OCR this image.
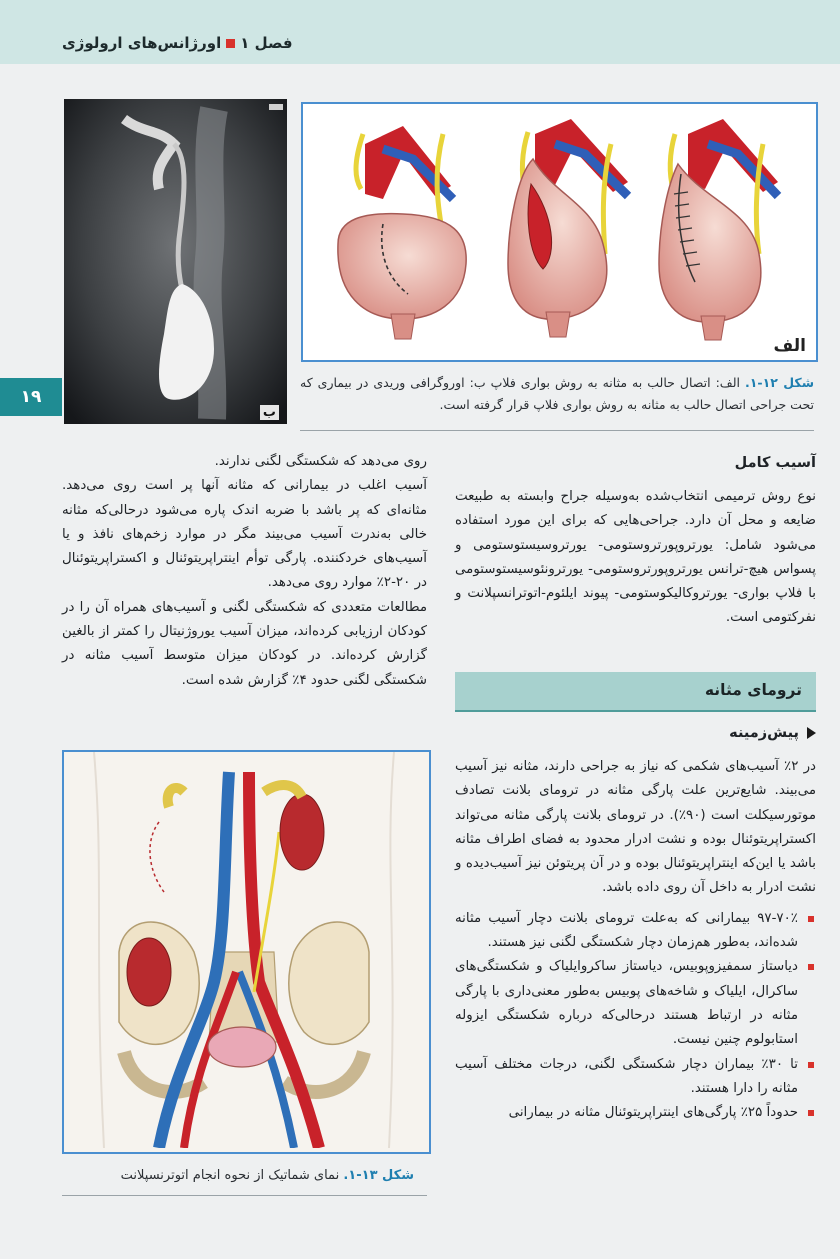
فصل ۱اورژانس‌های ارولوژی
۱۹
ب
الف
شکل ۱۲-۱. الف: اتصال حالب به مثانه به روش بواری فلاپ ب: اوروگرافی وریدی در بیماری که تحت جراحی اتصال حالب به مثانه به روش بواری فلاپ قرار گرفته است.
آسیب کامل

نوع روش ترمیمی انتخاب‌شده به‌وسیله جراح وابسته به طبیعت ضایعه و محل آن دارد. جراحی‌هایی که برای این مورد استفاده می‌شود شامل: یورتروپورتروستومی- یورتروسیستوستومی و پسواس هیچ-ترانس یورتروپورتروستومی- یورترونئوسیستوستومی با فلاپ بواری- یورتروکالیکوستومی- پیوند ایلئوم-اتوترانسپلانت و نفرکتومی است.

ترومای مثانه
پیش‌زمینه

در ۲٪ آسیب‌های شکمی که نیاز به جراحی دارند، مثانه نیز آسیب می‌بیند. شایع‌ترین علت پارگی مثانه در ترومای بلانت تصادف موتورسیکلت است (۹۰٪). در ترومای بلانت پارگی مثانه می‌تواند اکستراپریتوئنال بوده و نشت ادرار محدود به فضای اطراف مثانه باشد یا این‌که اینتراپریتوئنال بوده و در آن پریتوئن نیز آسیب‌دیده و نشت ادرار به داخل آن روی داده باشد.

۹۷-۷۰٪ بیمارانی که به‌علت ترومای بلانت دچار آسیب مثانه شده‌اند، به‌طور هم‌زمان دچار شکستگی لگنی نیز هستند.
دیاستاز سمفیزوپوبیس، دیاستاز ساکروایلیاک و شکستگی‌های ساکرال، ایلیاک و شاخه‌های پوبیس به‌طور معنی‌داری با پارگی مثانه در ارتباط هستند درحالی‌که درباره شکستگی ایزوله استابولوم چنین نیست.
تا ۳۰٪ بیماران دچار شکستگی لگنی، درجات مختلف آسیب مثانه را دارا هستند.
حدوداً ۲۵٪ پارگی‌های اینتراپریتوئنال مثانه در بیمارانی

روی می‌دهد که شکستگی لگنی ندارند.

آسیب اغلب در بیمارانی که مثانه آنها پر است روی می‌دهد. مثانه‌ای که پر باشد با ضربه اندک پاره می‌شود درحالی‌که مثانه خالی به‌ندرت آسیب می‌بیند مگر در موارد زخم‌های نافذ و یا آسیب‌های خردکننده. پارگی توأم اینتراپریتوئنال و اکستراپریتوئنال در ۲۰-۲٪ موارد روی می‌دهد.

مطالعات متعددی که شکستگی لگنی و آسیب‌های همراه آن را در کودکان ارزیابی کرده‌اند، میزان آسیب یوروژنیتال را کمتر از بالغین گزارش کرده‌اند. در کودکان میزان متوسط آسیب مثانه در شکستگی لگنی حدود ۴٪ گزارش شده است.

شکل ۱۳-۱. نمای شماتیک از نحوه انجام اتوترنسپلانت
